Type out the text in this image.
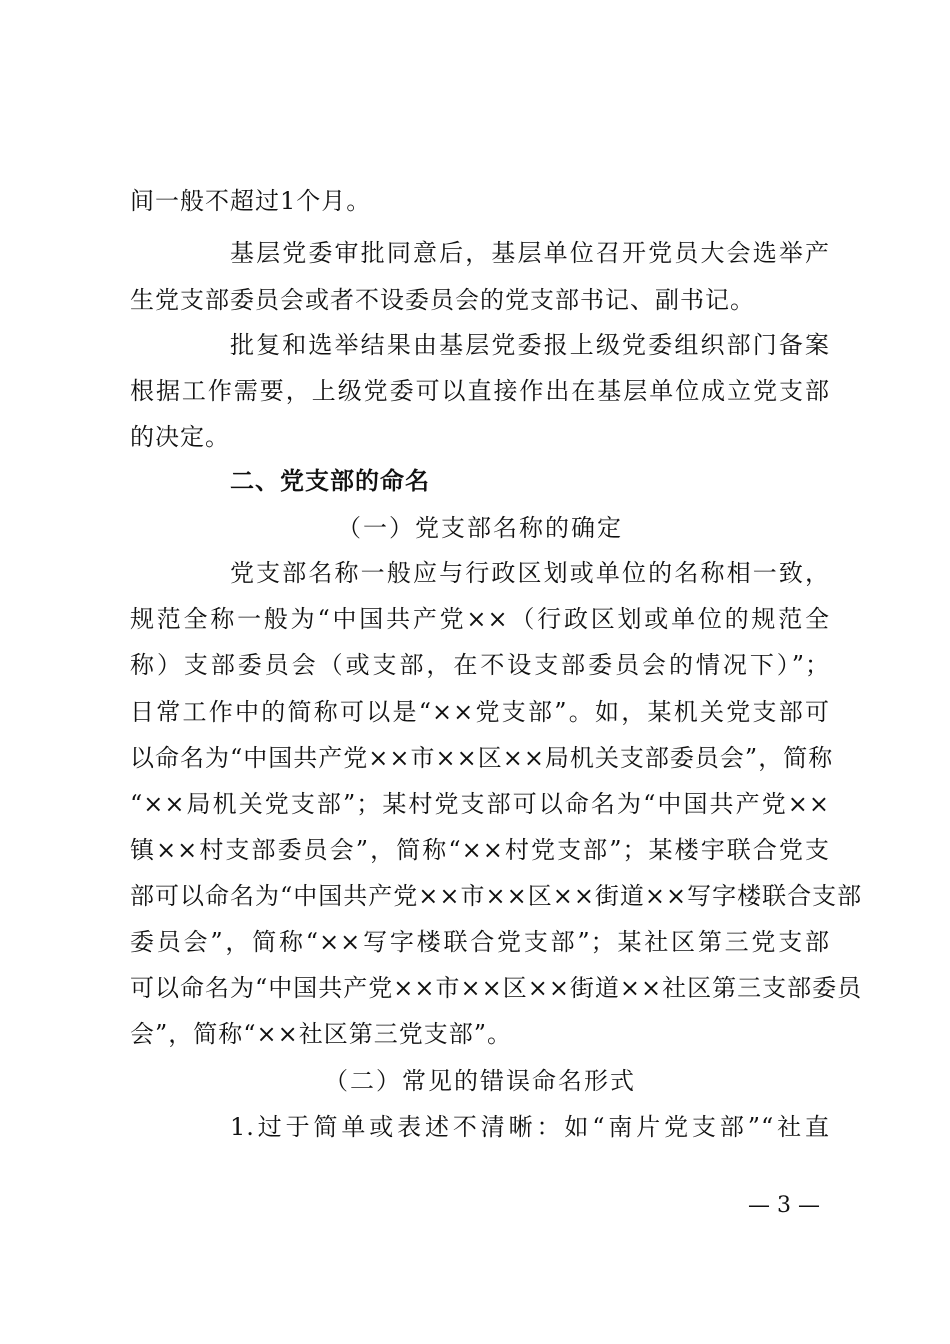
间一般不超过1个月。
基层党委审批同意后，基层单位召开党员大会选举产
生党支部委员会或者不设委员会的党支部书记、副书记。
批复和选举结果由基层党委报上级党委组织部门备案
根据工作需要，上级党委可以直接作出在基层单位成立党支部
的决定。
二、党支部的命名
（一）党支部名称的确定
党支部名称一般应与行政区划或单位的名称相一致，
规范全称一般为“中国共产党××（行政区划或单位的规范全
称）支部委员会（或支部，在不设支部委员会的情况下）”；
日常工作中的简称可以是“××党支部”。如，某机关党支部可
以命名为“中国共产党××市××区××局机关支部委员会”，简称
“××局机关党支部”；某村党支部可以命名为“中国共产党××
镇××村支部委员会”，简称“××村党支部”；某楼宇联合党支
部可以命名为“中国共产党××市××区××街道××写字楼联合支部
委员会”，简称“××写字楼联合党支部”；某社区第三党支部
可以命名为“中国共产党××市××区××街道××社区第三支部委员
会”，简称“××社区第三党支部”。
（二）常见的错误命名形式
1.过于简单或表述不清晰：如“南片党支部”“社直
— 3 —
